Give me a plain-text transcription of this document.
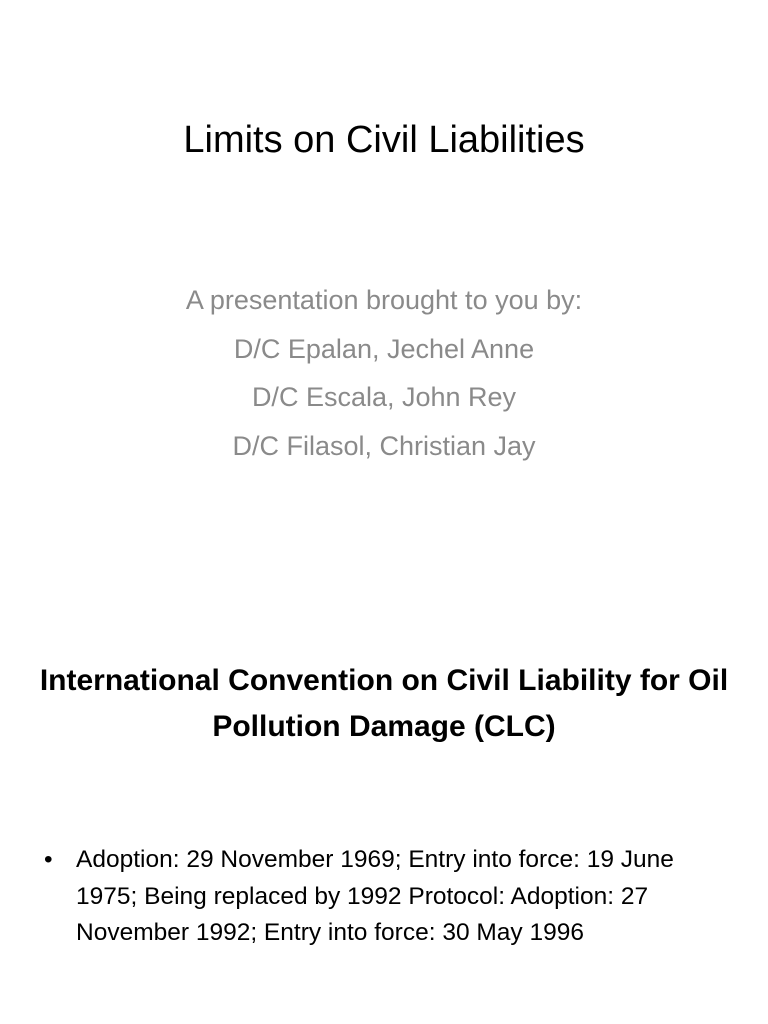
Limits on Civil Liabilities
A presentation brought to you by:
D/C Epalan, Jechel Anne
D/C Escala, John Rey
D/C Filasol, Christian Jay
International Convention on Civil Liability for Oil Pollution Damage (CLC)
• Adoption: 29 November 1969; Entry into force: 19 June 1975; Being replaced by 1992 Protocol: Adoption: 27 November 1992; Entry into force: 30 May 1996
